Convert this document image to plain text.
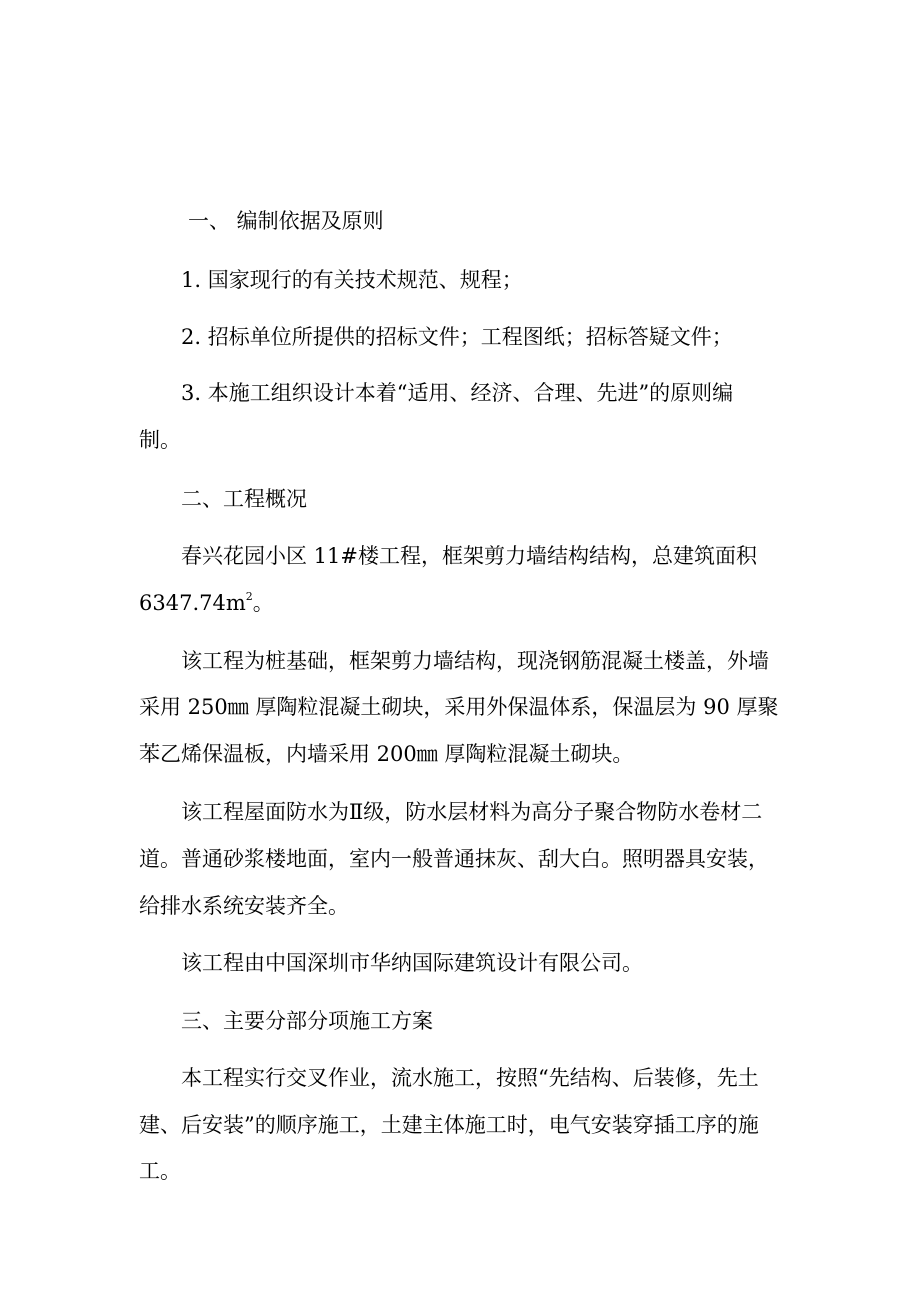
一、 编制依据及原则
1. 国家现行的有关技术规范、规程；
2. 招标单位所提供的招标文件；工程图纸；招标答疑文件；
3. 本施工组织设计本着“适用、经济、合理、先进”的原则编
制。
二、工程概况
春兴花园小区 11#楼工程，框架剪力墙结构结构，总建筑面积
$6347.74m^2$。
该工程为桩基础，框架剪力墙结构，现浇钢筋混凝土楼盖，外墙
采用 250㎜ 厚陶粒混凝土砌块，采用外保温体系，保温层为 90 厚聚
苯乙烯保温板，内墙采用 200㎜ 厚陶粒混凝土砌块。
该工程屋面防水为Ⅱ级，防水层材料为高分子聚合物防水卷材二
道。普通砂浆楼地面，室内一般普通抹灰、刮大白。照明器具安装，
给排水系统安装齐全。
该工程由中国深圳市华纳国际建筑设计有限公司。
三、主要分部分项施工方案
本工程实行交叉作业，流水施工，按照“先结构、后装修，先土
建、后安装”的顺序施工，土建主体施工时，电气安装穿插工序的施
工。
